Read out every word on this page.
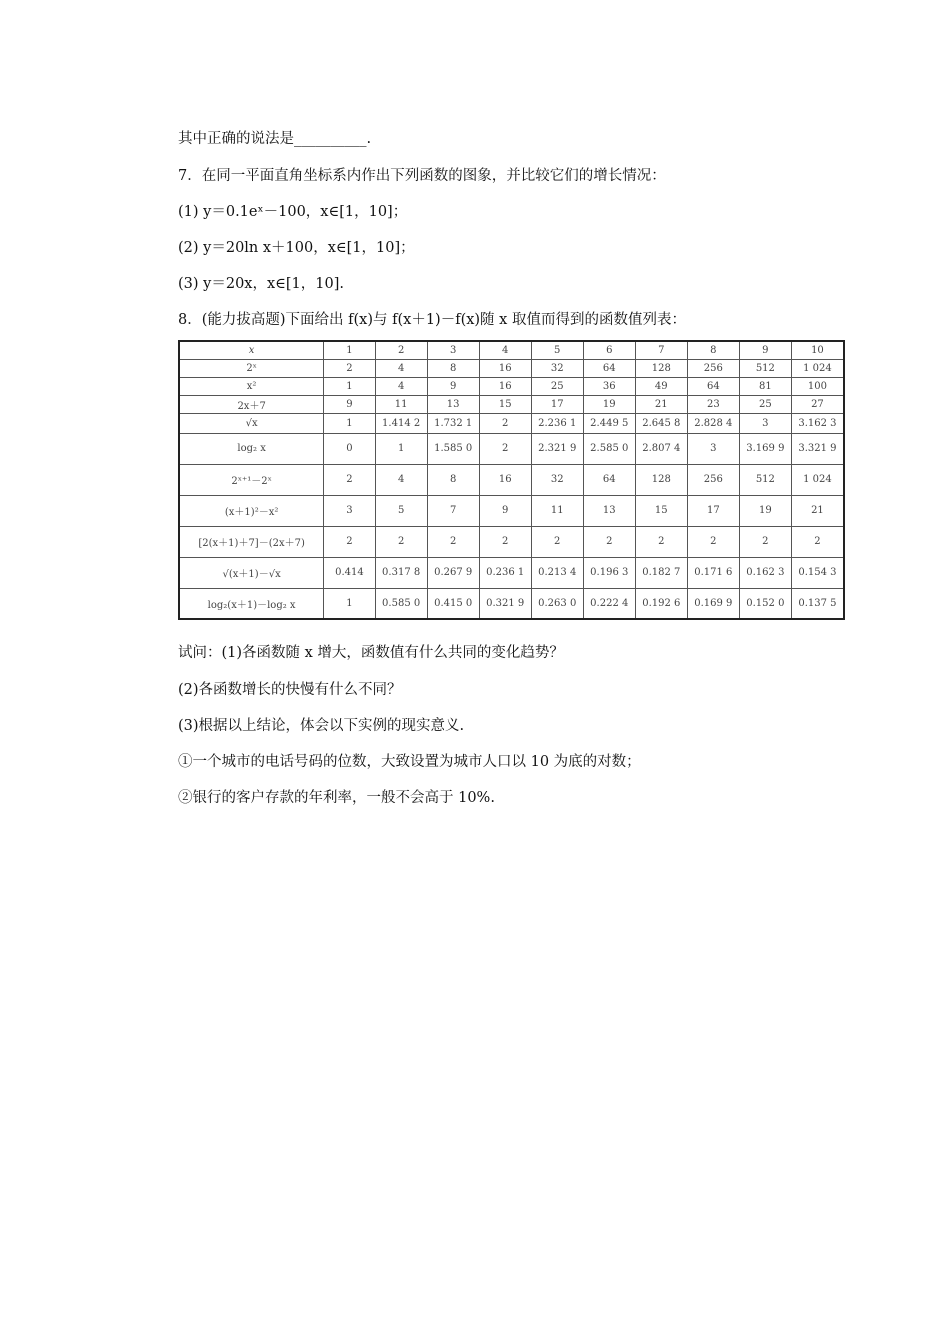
其中正确的说法是__________.
7．在同一平面直角坐标系内作出下列函数的图象，并比较它们的增长情况：
(1) y＝0.1eˣ－100，x∈[1，10]；
(2) y＝20ln x＋100，x∈[1，10]；
(3) y＝20x，x∈[1，10].
8．(能力拔高题)下面给出 f(x)与 f(x＋1)－f(x)随 x 取值而得到的函数值列表：
x	1	2	3	4	5	6	7	8	9	10
2ˣ	2	4	8	16	32	64	128	256	512	1 024
x²	1	4	9	16	25	36	49	64	81	100
2x＋7	9	11	13	15	17	19	21	23	25	27
√x	1	1.414 2	1.732 1	2	2.236 1	2.449 5	2.645 8	2.828 4	3	3.162 3
log₂ x	0	1	1.585 0	2	2.321 9	2.585 0	2.807 4	3	3.169 9	3.321 9
2ˣ⁺¹－2ˣ	2	4	8	16	32	64	128	256	512	1 024
(x＋1)²－x²	3	5	7	9	11	13	15	17	19	21
[2(x＋1)＋7]－(2x＋7)	2	2	2	2	2	2	2	2	2	2
√(x＋1)－√x	0.414	0.317 8	0.267 9	0.236 1	0.213 4	0.196 3	0.182 7	0.171 6	0.162 3	0.154 3
log₂(x＋1)－log₂ x	1	0.585 0	0.415 0	0.321 9	0.263 0	0.222 4	0.192 6	0.169 9	0.152 0	0.137 5
试问：(1)各函数随 x 增大，函数值有什么共同的变化趋势？
(2)各函数增长的快慢有什么不同？
(3)根据以上结论，体会以下实例的现实意义.
①一个城市的电话号码的位数，大致设置为城市人口以 10 为底的对数；
②银行的客户存款的年利率，一般不会高于 10%.
